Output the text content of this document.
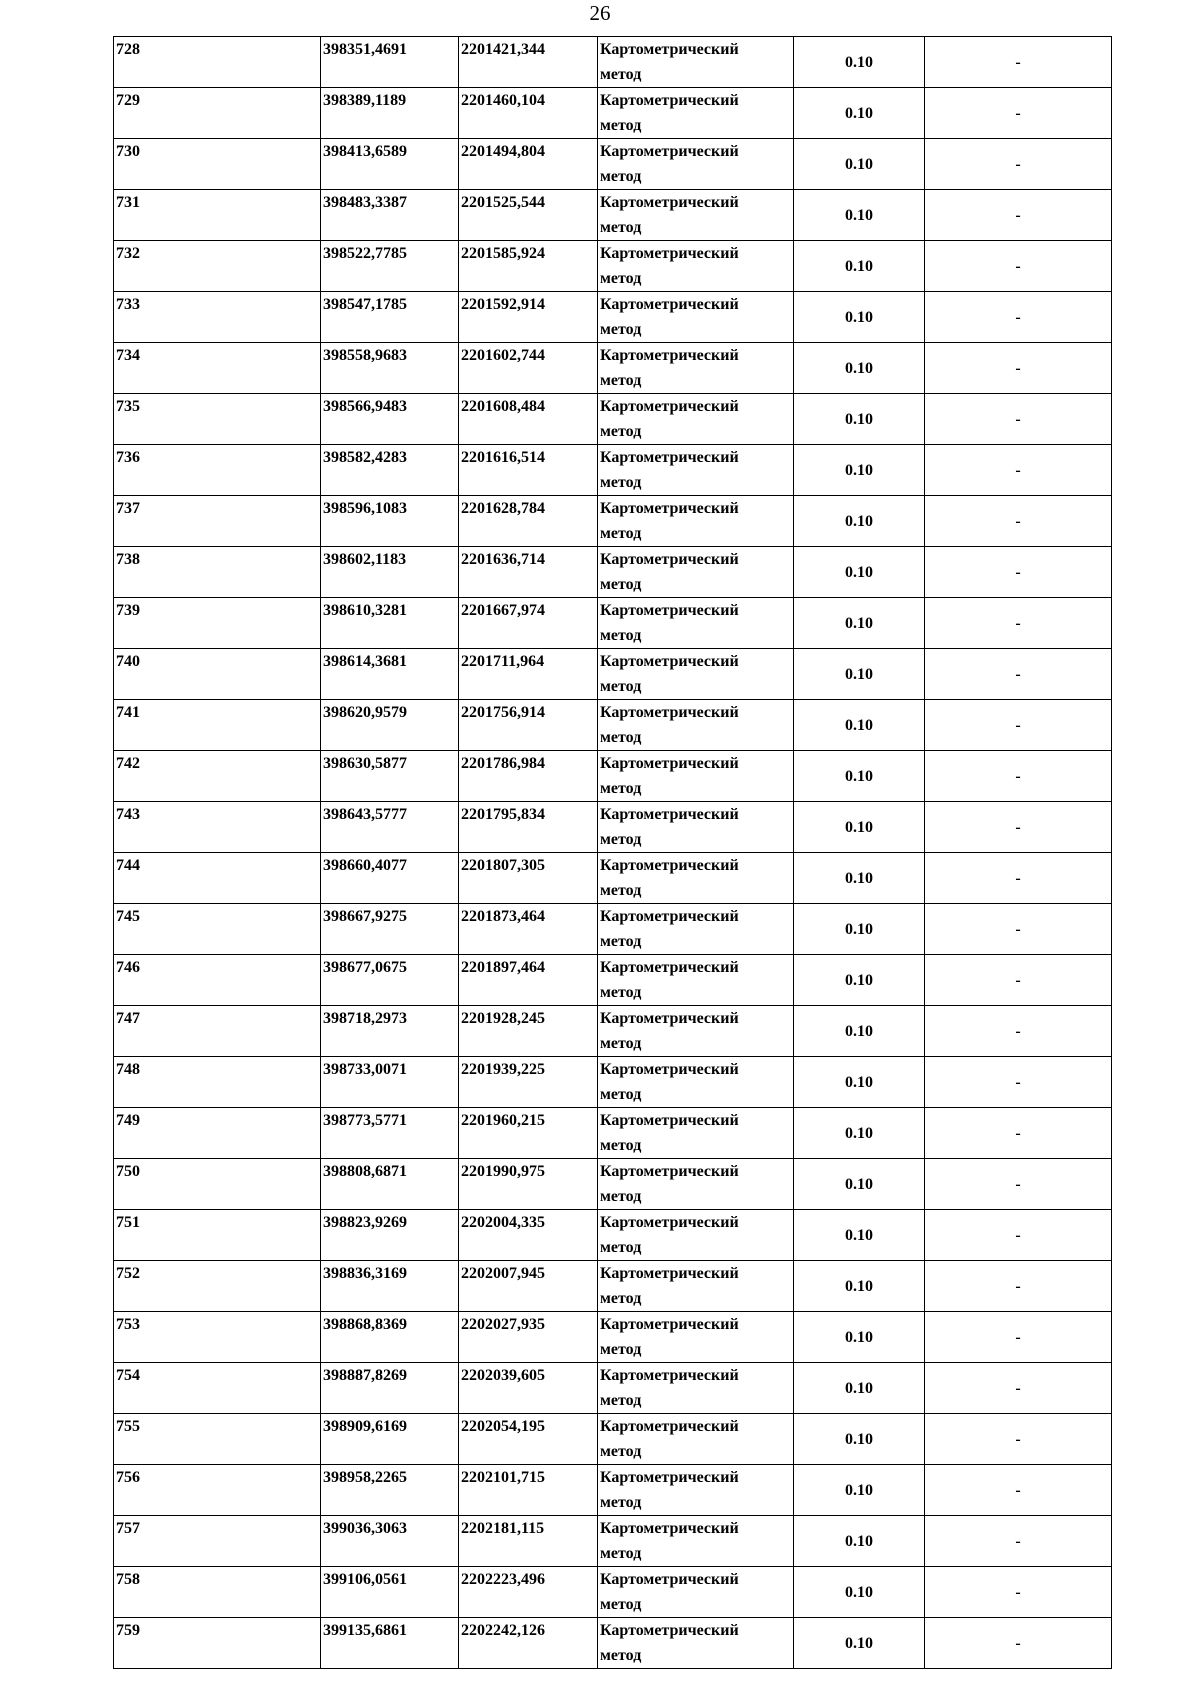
26
728	398351,4691	2201421,344	Картометрический
метод	0.10	-
729	398389,1189	2201460,104	Картометрический
метод	0.10	-
730	398413,6589	2201494,804	Картометрический
метод	0.10	-
731	398483,3387	2201525,544	Картометрический
метод	0.10	-
732	398522,7785	2201585,924	Картометрический
метод	0.10	-
733	398547,1785	2201592,914	Картометрический
метод	0.10	-
734	398558,9683	2201602,744	Картометрический
метод	0.10	-
735	398566,9483	2201608,484	Картометрический
метод	0.10	-
736	398582,4283	2201616,514	Картометрический
метод	0.10	-
737	398596,1083	2201628,784	Картометрический
метод	0.10	-
738	398602,1183	2201636,714	Картометрический
метод	0.10	-
739	398610,3281	2201667,974	Картометрический
метод	0.10	-
740	398614,3681	2201711,964	Картометрический
метод	0.10	-
741	398620,9579	2201756,914	Картометрический
метод	0.10	-
742	398630,5877	2201786,984	Картометрический
метод	0.10	-
743	398643,5777	2201795,834	Картометрический
метод	0.10	-
744	398660,4077	2201807,305	Картометрический
метод	0.10	-
745	398667,9275	2201873,464	Картометрический
метод	0.10	-
746	398677,0675	2201897,464	Картометрический
метод	0.10	-
747	398718,2973	2201928,245	Картометрический
метод	0.10	-
748	398733,0071	2201939,225	Картометрический
метод	0.10	-
749	398773,5771	2201960,215	Картометрический
метод	0.10	-
750	398808,6871	2201990,975	Картометрический
метод	0.10	-
751	398823,9269	2202004,335	Картометрический
метод	0.10	-
752	398836,3169	2202007,945	Картометрический
метод	0.10	-
753	398868,8369	2202027,935	Картометрический
метод	0.10	-
754	398887,8269	2202039,605	Картометрический
метод	0.10	-
755	398909,6169	2202054,195	Картометрический
метод	0.10	-
756	398958,2265	2202101,715	Картометрический
метод	0.10	-
757	399036,3063	2202181,115	Картометрический
метод	0.10	-
758	399106,0561	2202223,496	Картометрический
метод	0.10	-
759	399135,6861	2202242,126	Картометрический
метод	0.10	-
